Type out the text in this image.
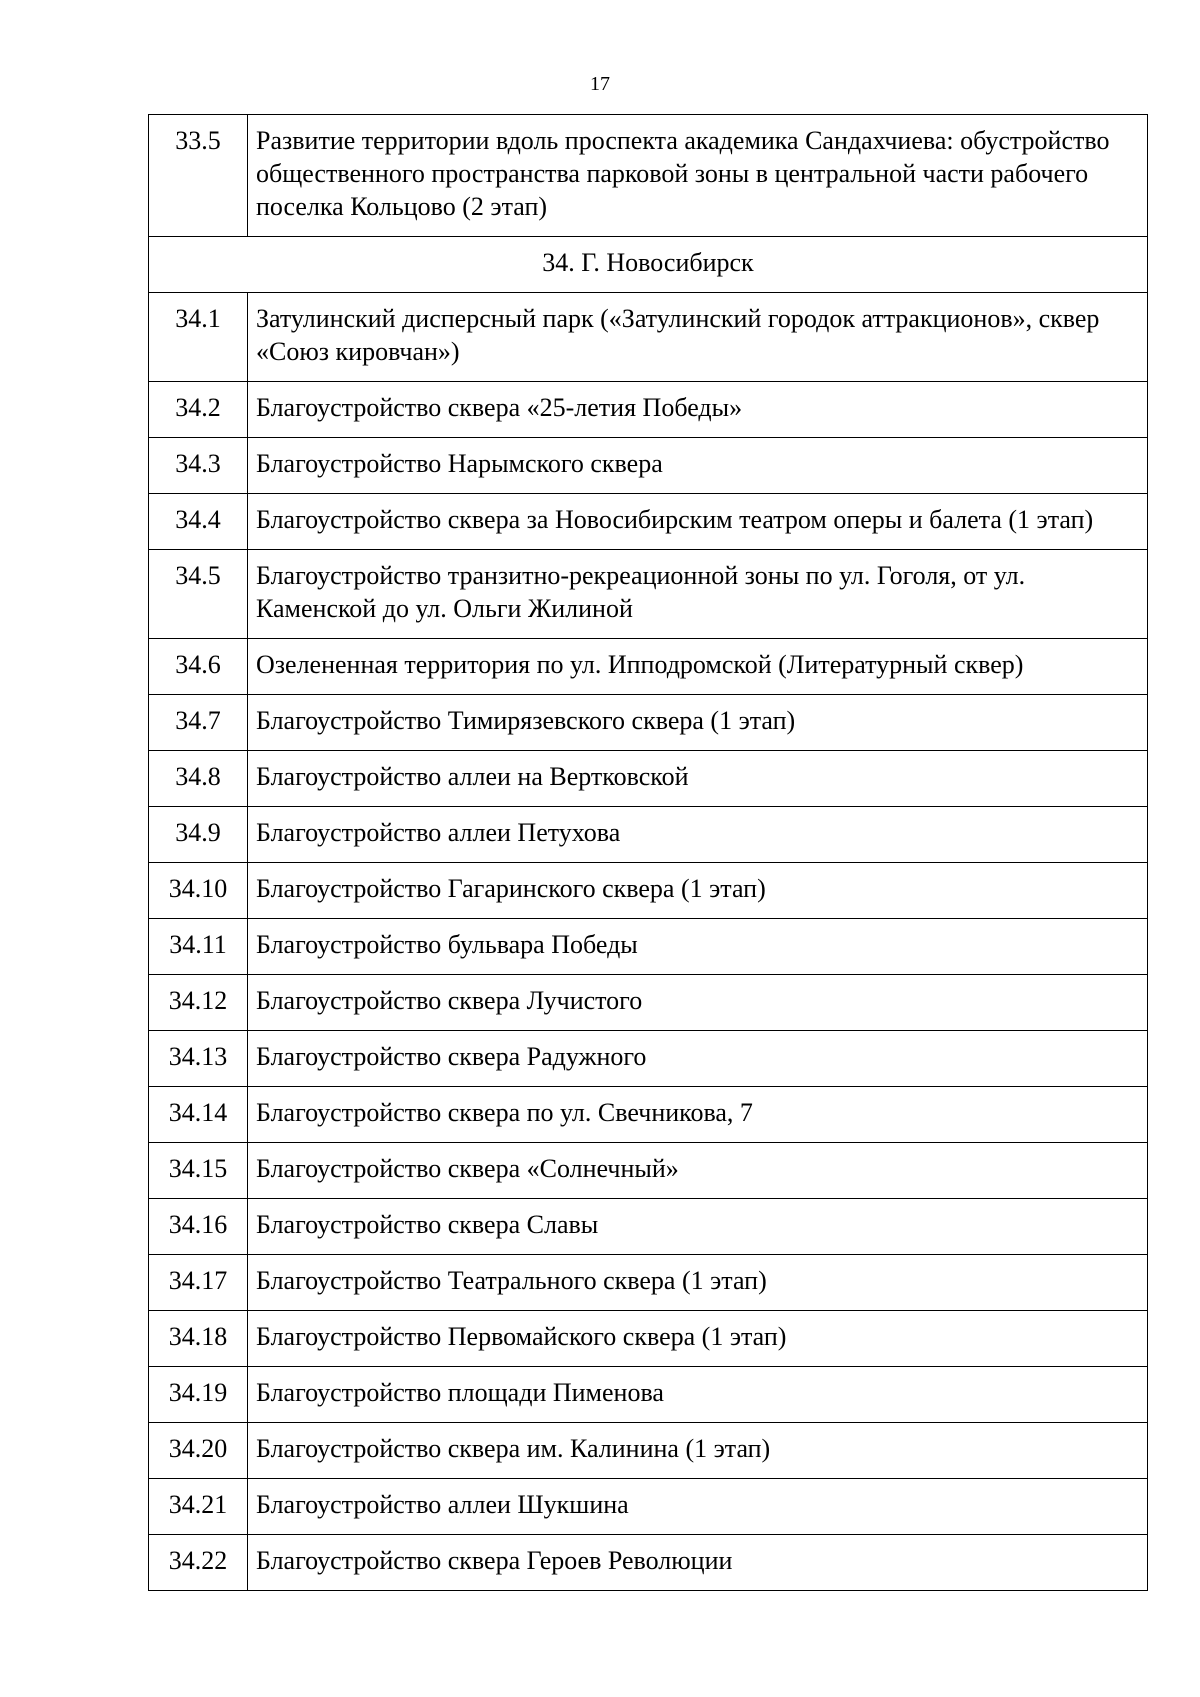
17
33.5	Развитие территории вдоль проспекта академика Сандахчиева: обустройство общественного пространства парковой зоны в центральной части рабочего поселка Кольцово (2 этап)
34. Г. Новосибирск	
34.1	Затулинский дисперсный парк («Затулинский городок аттракционов», сквер «Союз кировчан»)
34.2	Благоустройство сквера «25-летия Победы»
34.3	Благоустройство Нарымского сквера
34.4	Благоустройство сквера за Новосибирским театром оперы и балета (1 этап)
34.5	Благоустройство транзитно-рекреационной зоны по ул. Гоголя, от ул. Каменской до ул. Ольги Жилиной
34.6	Озелененная территория по ул. Ипподромской (Литературный сквер)
34.7	Благоустройство Тимирязевского сквера (1 этап)
34.8	Благоустройство аллеи на Вертковской
34.9	Благоустройство аллеи Петухова
34.10	Благоустройство Гагаринского сквера (1 этап)
34.11	Благоустройство бульвара Победы
34.12	Благоустройство сквера Лучистого
34.13	Благоустройство сквера Радужного
34.14	Благоустройство сквера по ул. Свечникова, 7
34.15	Благоустройство сквера «Солнечный»
34.16	Благоустройство сквера Славы
34.17	Благоустройство Театрального сквера (1 этап)
34.18	Благоустройство Первомайского сквера (1 этап)
34.19	Благоустройство площади Пименова
34.20	Благоустройство сквера им. Калинина (1 этап)
34.21	Благоустройство аллеи Шукшина
34.22	Благоустройство сквера Героев Революции
